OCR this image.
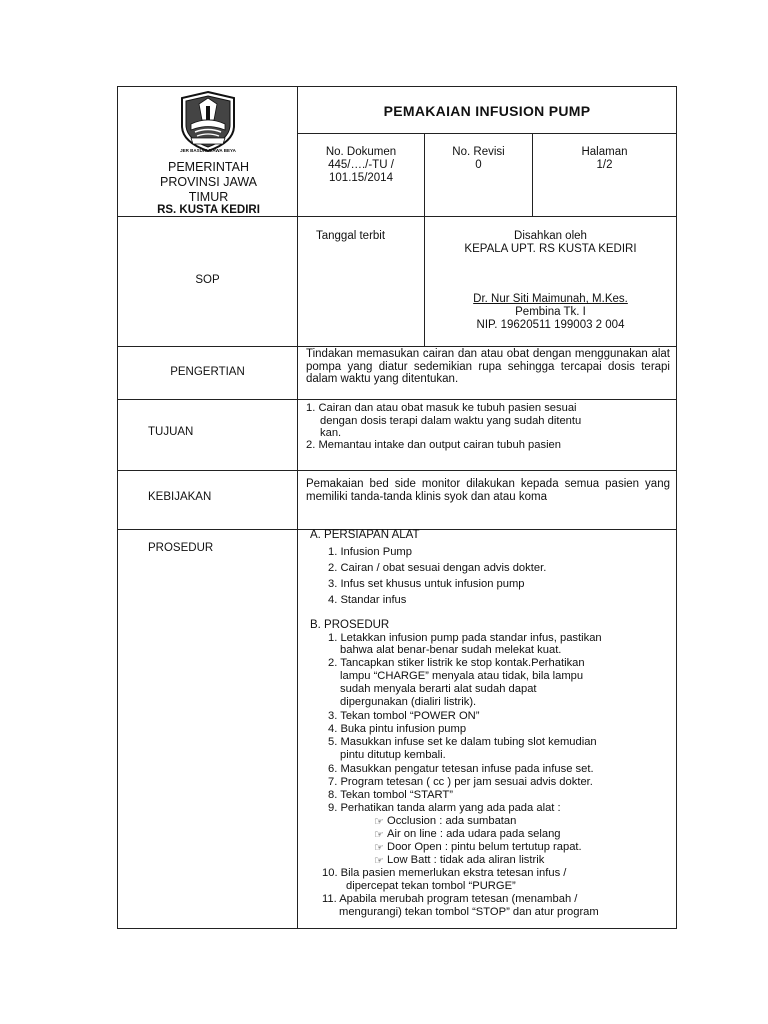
JER BASUKI MAWA BEYA
PEMERINTAH
PROVINSI JAWA
TIMUR
RS. KUSTA KEDIRI
PEMAKAIAN INFUSION PUMP
No. Dokumen
445/…./-TU /
101.15/2014
No. Revisi
0
Halaman
1/2
SOP
Tanggal terbit	Disahkan oleh
KEPALA UPT. RS KUSTA KEDIRI
Dr. Nur Siti Maimunah, M.Kes.
Pembina Tk. I
NIP. 19620511 199003 2 004
PENGERTIAN
Tindakan memasukan cairan dan atau obat dengan menggunakan alat pompa yang diatur sedemikian rupa sehingga tercapai dosis terapi dalam waktu yang ditentukan.
TUJUAN
1. Cairan dan atau obat masuk ke tubuh pasien sesuai
dengan dosis terapi dalam waktu yang sudah ditentu
kan.
2. Memantau intake dan output cairan tubuh pasien
KEBIJAKAN
Pemakaian bed side monitor dilakukan kepada semua pasien yang memiliki tanda-tanda klinis syok dan atau koma
PROSEDUR
A. PERSIAPAN ALAT
1. Infusion Pump
2. Cairan / obat sesuai dengan advis dokter.
3. Infus set khusus untuk infusion pump
4. Standar infus
B. PROSEDUR
1. Letakkan infusion pump pada standar infus, pastikan
bahwa alat benar-benar sudah melekat kuat.
2. Tancapkan stiker listrik ke stop kontak.Perhatikan
lampu “CHARGE” menyala atau tidak, bila lampu
sudah menyala berarti alat sudah dapat
dipergunakan (dialiri listrik).
3. Tekan tombol “POWER ON”
4. Buka pintu infusion pump
5. Masukkan infuse set ke dalam tubing slot kemudian
pintu ditutup kembali.
6. Masukkan pengatur tetesan infuse pada infuse set.
7. Program tetesan ( cc ) per jam sesuai advis dokter.
8. Tekan tombol “START”
9. Perhatikan tanda alarm yang ada pada alat :
☞ Occlusion : ada sumbatan
☞ Air on line : ada udara pada selang
☞ Door Open : pintu belum tertutup rapat.
☞ Low Batt : tidak ada aliran listrik
10. Bila pasien memerlukan ekstra tetesan infus /
dipercepat tekan tombol “PURGE”
11. Apabila merubah program tetesan (menambah /
mengurangi) tekan tombol “STOP” dan atur program
